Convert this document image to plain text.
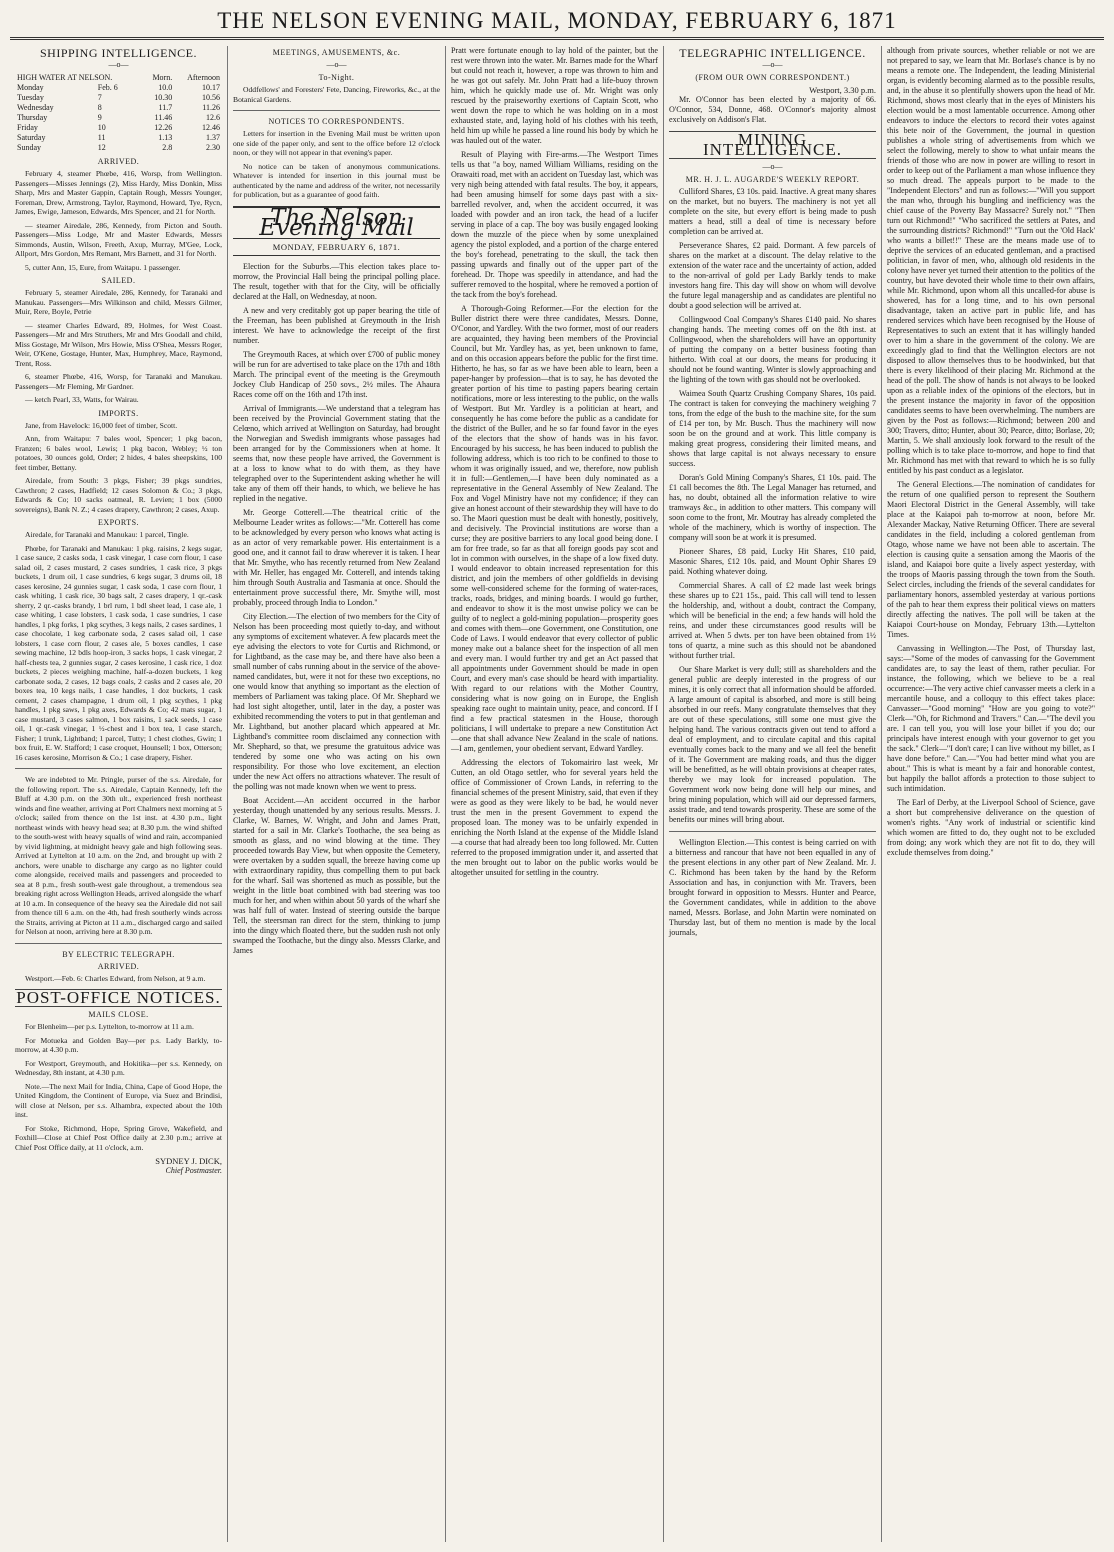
THE NELSON EVENING MAIL, MONDAY, FEBRUARY 6, 1871
SHIPPING INTELLIGENCE.
—o—
HIGH WATER AT NELSON.		Morn.	Afternoon
Monday	Feb. 6	10.0	10.17
Tuesday	7	10.30	10.56
Wednesday	8	11.7	11.26
Thursday	9	11.46	12.6
Friday	10	12.26	12.46
Saturday	11	1.13	1.37
Sunday	12	2.8	2.30
ARRIVED.

February 4, steamer Phœbe, 416, Worsp, from Wellington. Passengers—Misses Jennings (2), Miss Hardy, Miss Donkin, Miss Sharp, Mrs and Master Gappin, Captain Rough, Messrs Younger, Foreman, Drew, Armstrong, Taylor, Raymond, Howard, Tye, Rycn, James, Ewige, Jameson, Edwards, Mrs Spencer, and 21 for North.

— steamer Airedale, 286, Kennedy, from Picton and South. Passengers—Miss Lodge, Mr and Master Edwards, Messrs Simmonds, Austin, Wilson, Freeth, Axup, Murray, M'Gee, Lock, Allport, Mrs Gordon, Mrs Remant, Mrs Barnett, and 31 for North.

5, cutter Ann, 15, Eure, from Waitapu. 1 passenger.

SAILED.

February 5, steamer Airedale, 286, Kennedy, for Taranaki and Manukau. Passengers—Mrs Wilkinson and child, Messrs Gilmer, Muir, Rere, Boyle, Petrie

— steamer Charles Edward, 89, Holmes, for West Coast. Passengers—Mr and Mrs Struthers, Mr and Mrs Goodall and child, Miss Gostage, Mr Wilson, Mrs Howie, Miss O'Shea, Messrs Roger, Weir, O'Kene, Gostage, Hunter, Max, Humphrey, Mace, Raymond, Trent, Ross.

6, steamer Phœbe, 416, Worsp, for Taranaki and Manukau. Passengers—Mr Fleming, Mr Gardner.

— ketch Pearl, 33, Watts, for Wairau.

IMPORTS.

Jane, from Havelock: 16,000 feet of timber, Scott.

Ann, from Waitapu: 7 bales wool, Spencer; 1 pkg bacon, Franzen; 6 bales wool, Lewis; 1 pkg bacon, Webley; ½ ton potatoes, 30 ounces gold, Order; 2 hides, 4 bales sheepskins, 100 feet timber, Bettany.

Airedale, from South: 3 pkgs, Fisher; 39 pkgs sundries, Cawthron; 2 cases, Hadfield; 12 cases Solomon & Co.; 3 pkgs, Edwards & Co; 10 sacks oatmeal, R. Levien; 1 box (5000 sovereigns), Bank N. Z.; 4 cases drapery, Cawthron; 2 cases, Axup.

EXPORTS.

Airedale, for Taranaki and Manukau: 1 parcel, Tingle.

Phœbe, for Taranaki and Manukau: 1 pkg. raisins, 2 kegs sugar, 1 case sauce, 2 casks soda, 1 cask vinegar, 1 case corn flour, 1 case salad oil, 2 cases mustard, 2 cases sundries, 1 cask rice, 3 pkgs buckets, 1 drum oil, 1 case sundries, 6 kegs sugar, 3 drums oil, 18 cases kerosine, 24 gunnies sugar, 1 cask soda, 1 case corn flour, 1 cask whiting, 1 cask rice, 30 bags salt, 2 cases drapery, 1 qr.-cask sherry, 2 qr.-casks brandy, 1 brl rum, 1 bdl sheet lead, 1 case ale, 1 case whiting, 1 case lobsters, 1 cask soda, 1 case sundries, 1 case handles, 1 pkg forks, 1 pkg scythes, 3 kegs nails, 2 cases sardines, 1 case chocolate, 1 keg carbonate soda, 2 cases salad oil, 1 case lobsters, 1 case corn flour, 2 cases ale, 5 boxes candles, 1 case sewing machine, 12 bdls hoop-iron, 3 sacks hops, 1 cask vinegar, 2 half-chests tea, 2 gunnies sugar, 2 cases kerosine, 1 cask rice, 1 doz buckets, 2 pieces weighing machine, half-a-dozen buckets, 1 keg carbonate soda, 2 cases, 12 bags coals, 2 casks and 2 cases ale, 20 boxes tea, 10 kegs nails, 1 case handles, 1 doz buckets, 1 cask cement, 2 cases champagne, 1 drum oil, 1 pkg scythes, 1 pkg handles, 1 pkg saws, 1 pkg axes, Edwards & Co; 42 mats sugar, 1 case mustard, 3 cases salmon, 1 box raisins, 1 sack seeds, 1 case oil, 1 qr.-cask vinegar, 1 ½-chest and 1 box tea, 1 case starch, Fisher; 1 trunk, Lightband; 1 parcel, Tutty; 1 chest clothes, Gwin; 1 box fruit, E. W. Stafford; 1 case croquet, Hounsell; 1 box, Otterson; 16 cases kerosine, Morrison & Co.; 1 case drapery, Fisher.

We are indebted to Mr. Pringle, purser of the s.s. Airedale, for the following report. The s.s. Airedale, Captain Kennedy, left the Bluff at 4.30 p.m. on the 30th ult., experienced fresh northeast winds and fine weather, arriving at Port Chalmers next morning at 5 o'clock; sailed from thence on the 1st inst. at 4.30 p.m., light northeast winds with heavy head sea; at 8.30 p.m. the wind shifted to the south-west with heavy squalls of wind and rain, accompanied by vivid lightning, at midnight heavy gale and high following seas. Arrived at Lyttelton at 10 a.m. on the 2nd, and brought up with 2 anchors, were unable to discharge any cargo as no lighter could come alongside, received mails and passengers and proceeded to sea at 8 p.m., fresh south-west gale throughout, a tremendous sea breaking right across Wellington Heads, arrived alongside the wharf at 10 a.m. In consequence of the heavy sea the Airedale did not sail from thence till 6 a.m. on the 4th, had fresh southerly winds across the Straits, arriving at Picton at 11 a.m., discharged cargo and sailed for Nelson at noon, arriving here at 8.30 p.m.

BY ELECTRIC TELEGRAPH.
ARRIVED.

Westport.—Feb. 6: Charles Edward, from Nelson, at 9 a.m.

POST-OFFICE NOTICES.
MAILS CLOSE.

For Blenheim—per p.s. Lyttelton, to-morrow at 11 a.m.

For Motueka and Golden Bay—per p.s. Lady Barkly, to-morrow, at 4.30 p.m.

For Westport, Greymouth, and Hokitika—per s.s. Kennedy, on Wednesday, 8th instant, at 4.30 p.m.

Note.—The next Mail for India, China, Cape of Good Hope, the United Kingdom, the Continent of Europe, via Suez and Brindisi, will close at Nelson, per s.s. Alhambra, expected about the 10th inst.

For Stoke, Richmond, Hope, Spring Grove, Wakefield, and Foxhill—Close at Chief Post Office daily at 2.30 p.m.; arrive at Chief Post Office daily, at 11 o'clock, a.m.

SYDNEY J. DICK,
Chief Postmaster.
MEETINGS, AMUSEMENTS, &c.
—o—
To-Night.

Oddfellows' and Foresters' Fete, Dancing, Fireworks, &c., at the Botanical Gardens.

NOTICES TO CORRESPONDENTS.

Letters for insertion in the Evening Mail must be written upon one side of the paper only, and sent to the office before 12 o'clock noon, or they will not appear in that evening's paper.

No notice can be taken of anonymous communications. Whatever is intended for insertion in this journal must be authenticated by the name and address of the writer, not necessarily for publication, but as a guarantee of good faith.

The Nelson Evening Mail
MONDAY, FEBRUARY 6, 1871.

Election for the Suburbs.—This election takes place to-morrow, the Provincial Hall being the principal polling place. The result, together with that for the City, will be officially declared at the Hall, on Wednesday, at noon.

A new and very creditably got up paper bearing the title of the Freeman, has been published at Greymouth in the Irish interest. We have to acknowledge the receipt of the first number.

The Greymouth Races, at which over £700 of public money will be run for are advertised to take place on the 17th and 18th March. The principal event of the meeting is the Greymouth Jockey Club Handicap of 250 sovs., 2½ miles. The Ahaura Races come off on the 16th and 17th inst.

Arrival of Immigrants.—We understand that a telegram has been received by the Provincial Government stating that the Celœno, which arrived at Wellington on Saturday, had brought the Norwegian and Swedish immigrants whose passages had been arranged for by the Commissioners when at home. It seems that, now these people have arrived, the Government is at a loss to know what to do with them, as they have telegraphed over to the Superintendent asking whether he will take any of them off their hands, to which, we believe he has replied in the negative.

Mr. George Cotterell.—The theatrical critic of the Melbourne Leader writes as follows:—"Mr. Cotterell has come to be acknowledged by every person who knows what acting is as an actor of very remarkable power. His entertainment is a good one, and it cannot fail to draw wherever it is taken. I hear that Mr. Smythe, who has recently returned from New Zealand with Mr. Heller, has engaged Mr. Cotterell, and intends taking him through South Australia and Tasmania at once. Should the entertainment prove successful there, Mr. Smythe will, most probably, proceed through India to London."

City Election.—The election of two members for the City of Nelson has been proceeding most quietly to-day, and without any symptoms of excitement whatever. A few placards meet the eye advising the electors to vote for Curtis and Richmond, or for Lightband, as the case may be, and there have also been a small number of cabs running about in the service of the above-named candidates, but, were it not for these two exceptions, no one would know that anything so important as the election of members of Parliament was taking place. Of Mr. Shephard we had lost sight altogether, until, later in the day, a poster was exhibited recommending the voters to put in that gentleman and Mr. Lightband, but another placard which appeared at Mr. Lightband's committee room disclaimed any connection with Mr. Shephard, so that, we presume the gratuitous advice was tendered by some one who was acting on his own responsibility. For those who love excitement, an election under the new Act offers no attractions whatever. The result of the polling was not made known when we went to press.

Boat Accident.—An accident occurred in the harbor yesterday, though unattended by any serious results. Messrs. J. Clarke, W. Barnes, W. Wright, and John and James Pratt, started for a sail in Mr. Clarke's Toothache, the sea being as smooth as glass, and no wind blowing at the time. They proceeded towards Bay View, but when opposite the Cemetery, were overtaken by a sudden squall, the breeze having come up with extraordinary rapidity, thus compelling them to put back for the wharf. Sail was shortened as much as possible, but the weight in the little boat combined with bad steering was too much for her, and when within about 50 yards of the wharf she was half full of water. Instead of steering outside the barque Tell, the steersman ran direct for the stern, thinking to jump into the dingy which floated there, but the sudden rush not only swamped the Toothache, but the dingy also. Messrs Clarke, and James

Pratt were fortunate enough to lay hold of the painter, but the rest were thrown into the water. Mr. Barnes made for the Wharf but could not reach it, however, a rope was thrown to him and he was got out safely. Mr. John Pratt had a life-buoy thrown him, which he quickly made use of. Mr. Wright was only rescued by the praiseworthy exertions of Captain Scott, who went down the rope to which he was holding on in a most exhausted state, and, laying hold of his clothes with his teeth, held him up while he passed a line round his body by which he was hauled out of the water.

Result of Playing with Fire-arms.—The Westport Times tells us that "a boy, named William Williams, residing on the Orawaiti road, met with an accident on Tuesday last, which was very nigh being attended with fatal results. The boy, it appears, had been amusing himself for some days past with a six-barrelled revolver, and, when the accident occurred, it was loaded with powder and an iron tack, the head of a lucifer serving in place of a cap. The boy was busily engaged looking down the muzzle of the piece when by some unexplained agency the pistol exploded, and a portion of the charge entered the boy's forehead, penetrating to the skull, the tack then passing upwards and finally out of the upper part of the forehead. Dr. Thope was speedily in attendance, and had the sufferer removed to the hospital, where he removed a portion of the tack from the boy's forehead.

A Thorough-Going Reformer.—For the election for the Buller district there were three candidates, Messrs. Donne, O'Conor, and Yardley. With the two former, most of our readers are acquainted, they having been members of the Provincial Council, but Mr. Yardley has, as yet, been unknown to fame, and on this occasion appears before the public for the first time. Hitherto, he has, so far as we have been able to learn, been a paper-hanger by profession—that is to say, he has devoted the greater portion of his time to pasting papers bearing certain notifications, more or less interesting to the public, on the walls of Westport. But Mr. Yardley is a politician at heart, and consequently he has come before the public as a candidate for the district of the Buller, and he so far found favor in the eyes of the electors that the show of hands was in his favor. Encouraged by his success, he has been induced to publish the following address, which is too rich to be confined to those to whom it was originally issued, and we, therefore, now publish it in full:—Gentlemen,—I have been duly nominated as a representative in the General Assembly of New Zealand. The Fox and Vogel Ministry have not my confidence; if they can give an honest account of their stewardship they will have to do so. The Maori question must be dealt with honestly, positively, and decisively. The Provincial institutions are worse than a curse; they are positive barriers to any local good being done. I am for free trade, so far as that all foreign goods pay scot and lot in common with ourselves, in the shape of a low fixed duty. I would endeavor to obtain increased representation for this district, and join the members of other goldfields in devising some well-considered scheme for the forming of water-races, tracks, roads, bridges, and mining boards. I would go further, and endeavor to show it is the most unwise policy we can be guilty of to neglect a gold-mining population—prosperity goes and comes with them—one Government, one Constitution, one Code of Laws. I would endeavor that every collector of public money make out a balance sheet for the inspection of all men and every man. I would further try and get an Act passed that all appointments under Government should be made in open Court, and every man's case should be heard with impartiality. With regard to our relations with the Mother Country, considering what is now going on in Europe, the English speaking race ought to maintain unity, peace, and concord. If I find a few practical statesmen in the House, thorough politicians, I will undertake to prepare a new Constitution Act—one that shall advance New Zealand in the scale of nations.—I am, gentlemen, your obedient servant, Edward Yardley.

Addressing the electors of Tokomairiro last week, Mr Cutten, an old Otago settler, who for several years held the office of Commissioner of Crown Lands, in referring to the financial schemes of the present Ministry, said, that even if they were as good as they were likely to be bad, he would never trust the men in the present Government to expend the proposed loan. The money was to be unfairly expended in enriching the North Island at the expense of the Middle Island—a course that had already been too long followed. Mr. Cutten referred to the proposed immigration under it, and asserted that the men brought out to labor on the public works would be altogether unsuited for settling in the country.

TELEGRAPHIC INTELLIGENCE.
—o—
(FROM OUR OWN CORRESPONDENT.)
Westport, 3.30 p.m.

Mr. O'Connor has been elected by a majority of 66. O'Connor, 534, Donne, 468. O'Connor's majority almost exclusively on Addison's Flat.

MINING INTELLIGENCE.
—o—
MR. H. J. L. AUGARDE'S WEEKLY REPORT.

Culliford Shares, £3 10s. paid. Inactive. A great many shares on the market, but no buyers. The machinery is not yet all complete on the site, but every effort is being made to push matters a head, still a deal of time is necessary before completion can be arrived at.

Perseverance Shares, £2 paid. Dormant. A few parcels of shares on the market at a discount. The delay relative to the extension of the water race and the uncertainty of action, added to the non-arrival of gold per Lady Barkly tends to make investors hang fire. This day will show on whom will devolve the future legal managership and as candidates are plentiful no doubt a good selection will be arrived at.

Collingwood Coal Company's Shares £140 paid. No shares changing hands. The meeting comes off on the 8th inst. at Collingwood, when the shareholders will have an opportunity of putting the company on a better business footing than hitherto. With coal at our doors, the means for producing it should not be found wanting. Winter is slowly approaching and the lighting of the town with gas should not be overlooked.

Waimea South Quartz Crushing Company Shares, 10s paid. The contract is taken for conveying the machinery weighing 7 tons, from the edge of the bush to the machine site, for the sum of £14 per ton, by Mr. Busch. Thus the machinery will now soon be on the ground and at work. This little company is making great progress, considering their limited means, and shows that large capital is not always necessary to ensure success.

Doran's Gold Mining Company's Shares, £1 10s. paid. The £1 call becomes the 8th. The Legal Manager has returned, and has, no doubt, obtained all the information relative to wire tramways &c., in addition to other matters. This company will soon come to the front, Mr. Moutray has already completed the whole of the machinery, which is worthy of inspection. The company will soon be at work it is presumed.

Pioneer Shares, £8 paid, Lucky Hit Shares, £10 paid, Masonic Shares, £12 10s. paid, and Mount Ophir Shares £9 paid. Nothing whatever doing.

Commercial Shares. A call of £2 made last week brings these shares up to £21 15s., paid. This call will tend to lessen the holdership, and, without a doubt, contract the Company, which will be beneficial in the end; a few hands will hold the reins, and under these circumstances good results will be arrived at. When 5 dwts. per ton have been obtained from 1½ tons of quartz, a mine such as this should not be abandoned without further trial.

Our Share Market is very dull; still as shareholders and the general public are deeply interested in the progress of our mines, it is only correct that all information should be afforded. A large amount of capital is absorbed, and more is still being absorbed in our reefs. Many congratulate themselves that they are out of these speculations, still some one must give the helping hand. The various contracts given out tend to afford a deal of employment, and to circulate capital and this capital eventually comes back to the many and we all feel the benefit of it. The Government are making roads, and thus the digger will be benefitted, as he will obtain provisions at cheaper rates, thereby we may look for increased population. The Government work now being done will help our mines, and bring mining population, which will aid our depressed farmers, assist trade, and tend towards prosperity. These are some of the benefits our mines will bring about.

Wellington Election.—This contest is being carried on with a bitterness and rancour that have not been equalled in any of the present elections in any other part of New Zealand. Mr. J. C. Richmond has been taken by the hand by the Reform Association and has, in conjunction with Mr. Travers, been brought forward in opposition to Messrs. Hunter and Pearce, the Government candidates, while in addition to the above named, Messrs. Borlase, and John Martin were nominated on Thursday last, but of them no mention is made by the local journals,

although from private sources, whether reliable or not we are not prepared to say, we learn that Mr. Borlase's chance is by no means a remote one. The Independent, the leading Ministerial organ, is evidently becoming alarmed as to the possible results, and, in the abuse it so plentifully showers upon the head of Mr. Richmond, shows most clearly that in the eyes of Ministers his election would be a most lamentable occurrence. Among other endeavors to induce the electors to record their votes against this bete noir of the Government, the journal in question publishes a whole string of advertisements from which we select the following, merely to show to what unfair means the friends of those who are now in power are willing to resort in order to keep out of the Parliament a man whose influence they so much dread. The appeals purport to be made to the "Independent Electors" and run as follows:—"Will you support the man who, through his bungling and inefficiency was the chief cause of the Poverty Bay Massacre? Surely not." "Then turn out Richmond!" "Who sacrificed the settlers at Pates, and the surrounding districts? Richmond!" "Turn out the 'Old Hack' who wants a billet!!" These are the means made use of to deprive the services of an educated gentleman, and a practised politician, in favor of men, who, although old residents in the colony have never yet turned their attention to the politics of the country, but have devoted their whole time to their own affairs, while Mr. Richmond, upon whom all this uncalled-for abuse is showered, has for a long time, and to his own personal disadvantage, taken an active part in public life, and has rendered services which have been recognised by the House of Representatives to such an extent that it has willingly handed over to him a share in the government of the colony. We are exceedingly glad to find that the Wellington electors are not disposed to allow themselves thus to be hoodwinked, but that there is every likelihood of their placing Mr. Richmond at the head of the poll. The show of hands is not always to be looked upon as a reliable index of the opinions of the electors, but in the present instance the majority in favor of the opposition candidates seems to have been overwhelming. The numbers are given by the Post as follows:—Richmond; between 200 and 300; Travers, ditto; Hunter, about 30; Pearce, ditto; Borlase, 20; Martin, 5. We shall anxiously look forward to the result of the polling which is to take place to-morrow, and hope to find that Mr. Richmond has met with that reward to which he is so fully entitled by his past conduct as a legislator.

The General Elections.—The nomination of candidates for the return of one qualified person to represent the Southern Maori Electoral District in the General Assembly, will take place at the Kaiapoi pah to-morrow at noon, before Mr. Alexander Mackay, Native Returning Officer. There are several candidates in the field, including a colored gentleman from Otago, whose name we have not been able to ascertain. The election is causing quite a sensation among the Maoris of the island, and Kaiapoi bore quite a lively aspect yesterday, with the troops of Maoris passing through the town from the South. Select circles, including the friends of the several candidates for parliamentary honors, assembled yesterday at various portions of the pah to hear them express their political views on matters directly affecting the natives. The poll will be taken at the Kaiapoi Court-house on Monday, February 13th.—Lyttelton Times.

Canvassing in Wellington.—The Post, of Thursday last, says:—"Some of the modes of canvassing for the Government candidates are, to say the least of them, rather peculiar. For instance, the following, which we believe to be a real occurrence:—The very active chief canvasser meets a clerk in a mercantile house, and a colloquy to this effect takes place: Canvasser—"Good morning" "How are you going to vote?" Clerk—"Oh, for Richmond and Travers." Can.—"The devil you are. I can tell you, you will lose your billet if you do; our principals have interest enough with your governor to get you the sack." Clerk—"I don't care; I can live without my billet, as I have done before." Can.—"You had better mind what you are about." This is what is meant by a fair and honorable contest, but happily the ballot affords a protection to those subject to such intimidation.

The Earl of Derby, at the Liverpool School of Science, gave a short but comprehensive deliverance on the question of women's rights. "Any work of industrial or scientific kind which women are fitted to do, they ought not to be excluded from doing; any work which they are not fit to do, they will exclude themselves from doing."
